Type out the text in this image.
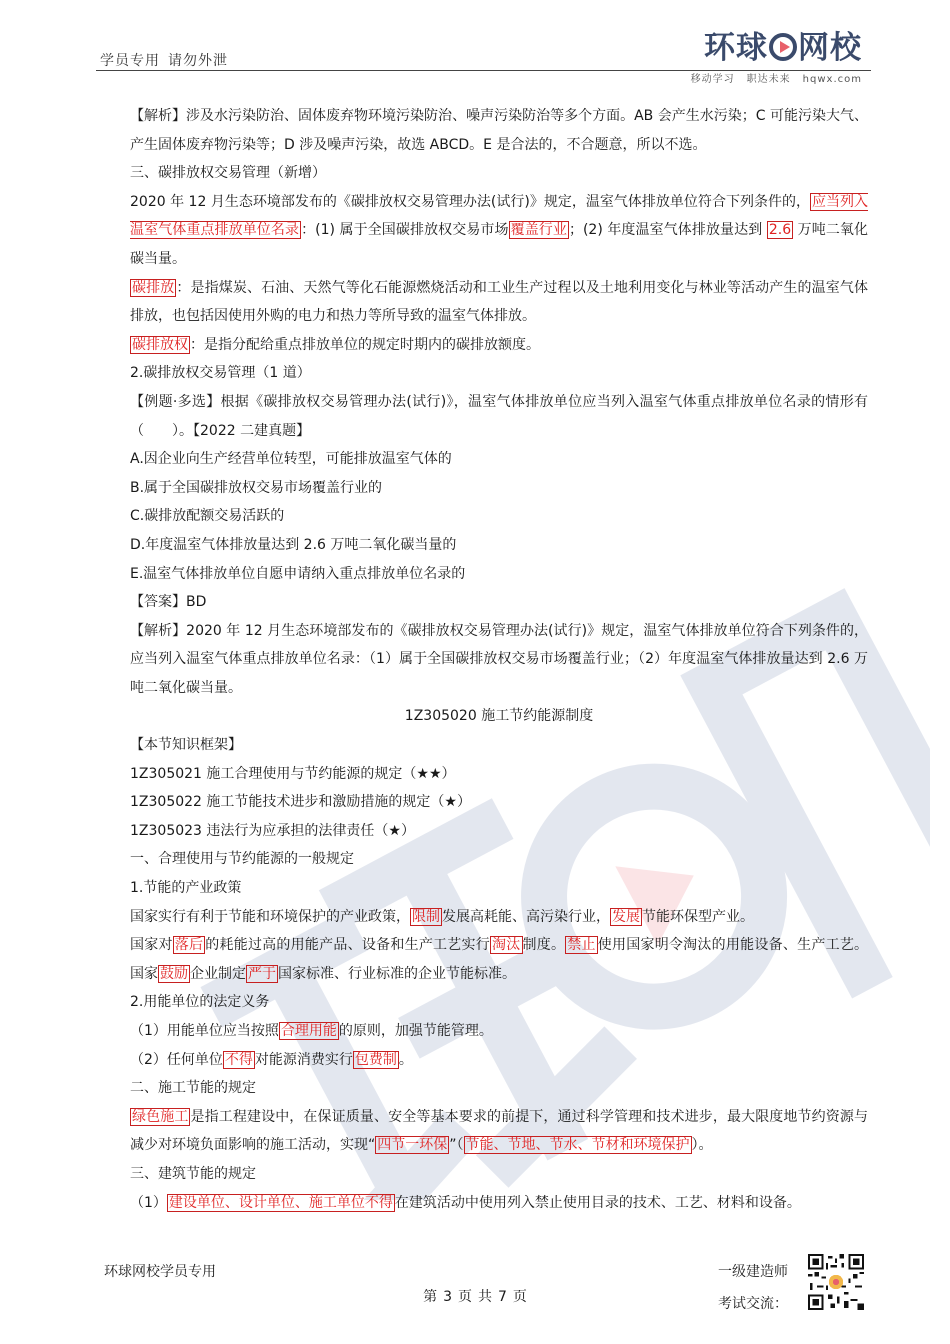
学员专用 请勿外泄	环球 网校
移动学习 职达未来 hqwx.com

【解析】涉及水污染防治、固体废弃物环境污染防治、噪声污染防治等多个方面。AB 会产生水污染；C 可能污染大气、产生固体废弃物污染等；D 涉及噪声污染，故选 ABCD。E 是合法的，不合题意，所以不选。

三、碳排放权交易管理（新增）

2020 年 12 月生态环境部发布的《碳排放权交易管理办法(试行)》规定，温室气体排放单位符合下列条件的， 应当列入温室气体重点排放单位名录 ：(1) 属于全国碳排放权交易市场 覆盖行业 ；(2) 年度温室气体排放量达到 2.6 万吨二氧化碳当量。

碳排放 ：是指煤炭、石油、天然气等化石能源燃烧活动和工业生产过程以及土地利用变化与林业等活动产生的温室气体排放，也包括因使用外购的电力和热力等所导致的温室气体排放。

碳排放权 ：是指分配给重点排放单位的规定时期内的碳排放额度。

2.碳排放权交易管理（1 道）

【例题·多选】根据《碳排放权交易管理办法(试行)》，温室气体排放单位应当列入温室气体重点排放单位名录的情形有（　　）。【2022 二建真题】

A.因企业向生产经营单位转型，可能排放温室气体的

B.属于全国碳排放权交易市场覆盖行业的

C.碳排放配额交易活跃的

D.年度温室气体排放量达到 2.6 万吨二氧化碳当量的

E.温室气体排放单位自愿申请纳入重点排放单位名录的

【答案】BD

【解析】2020 年 12 月生态环境部发布的《碳排放权交易管理办法(试行)》规定，温室气体排放单位符合下列条件的，应当列入温室气体重点排放单位名录：（1）属于全国碳排放权交易市场覆盖行业；（2）年度温室气体排放量达到 2.6 万吨二氧化碳当量。

1Z305020 施工节约能源制度

【本节知识框架】

1Z305021 施工合理使用与节约能源的规定（★★）

1Z305022 施工节能技术进步和激励措施的规定（★）

1Z305023 违法行为应承担的法律责任（★）

一、合理使用与节约能源的一般规定

1.节能的产业政策

国家实行有利于节能和环境保护的产业政策， 限制 发展高耗能、高污染行业， 发展 节能环保型产业。

国家对 落后 的耗能过高的用能产品、设备和生产工艺实行 淘汰 制度。 禁止 使用国家明令淘汰的用能设备、生产工艺。国家 鼓励 企业制定 严于 国家标准、行业标准的企业节能标准。

2.用能单位的法定义务

（1）用能单位应当按照 合理用能 的原则，加强节能管理。

（2）任何单位 不得 对能源消费实行 包费制 。

二、施工节能的规定

绿色施工 是指工程建设中，在保证质量、安全等基本要求的前提下，通过科学管理和技术进步，最大限度地节约资源与减少对环境负面影响的施工活动，实现“ 四节一环保 ”（ 节能、节地、节水、节材和环境保护 ）。

三、建筑节能的规定

（1） 建设单位、设计单位、施工单位不得 在建筑活动中使用列入禁止使用目录的技术、工艺、材料和设备。

环球网校学员专用	一级建造师
考试交流：
第 3 页 共 7 页
